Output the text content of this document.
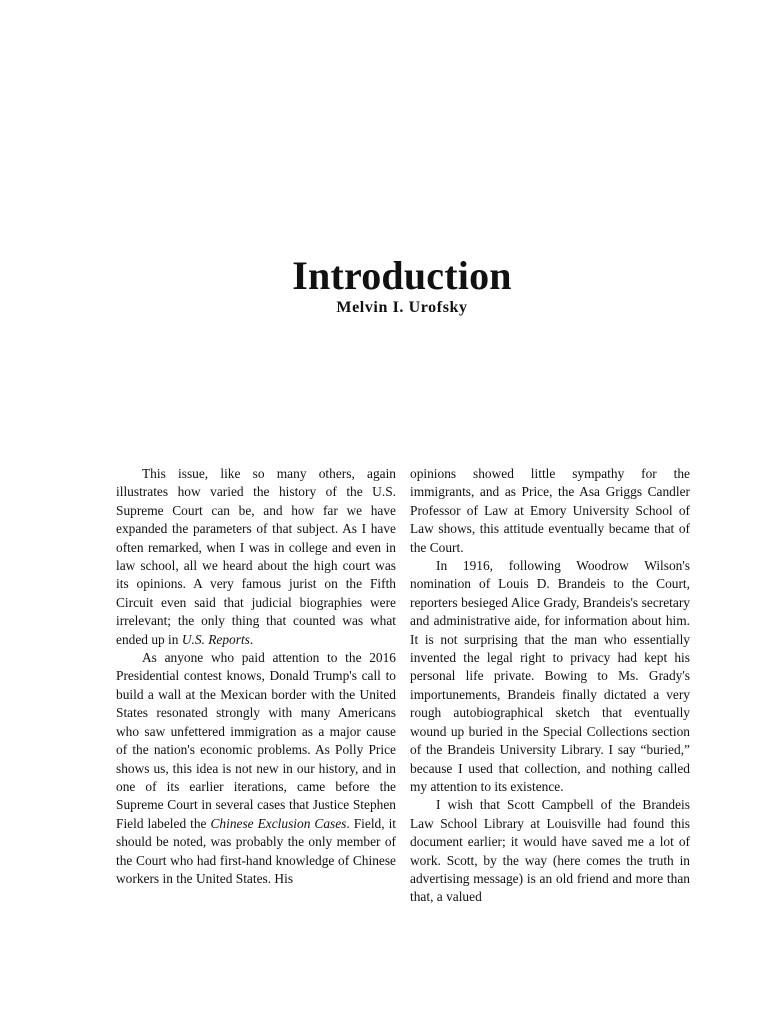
Introduction
Melvin I. Urofsky

This issue, like so many others, again illustrates how varied the history of the U.S. Supreme Court can be, and how far we have expanded the parameters of that subject. As I have often remarked, when I was in college and even in law school, all we heard about the high court was its opinions. A very famous jurist on the Fifth Circuit even said that judicial biographies were irrelevant; the only thing that counted was what ended up in U.S. Reports.

As anyone who paid attention to the 2016 Presidential contest knows, Donald Trump's call to build a wall at the Mexican border with the United States resonated strongly with many Americans who saw unfettered immigration as a major cause of the nation's economic problems. As Polly Price shows us, this idea is not new in our history, and in one of its earlier iterations, came before the Supreme Court in several cases that Justice Stephen Field labeled the Chinese Exclusion Cases. Field, it should be noted, was probably the only member of the Court who had first-hand knowledge of Chinese workers in the United States. His

opinions showed little sympathy for the immigrants, and as Price, the Asa Griggs Candler Professor of Law at Emory University School of Law shows, this attitude eventually became that of the Court.

In 1916, following Woodrow Wilson's nomination of Louis D. Brandeis to the Court, reporters besieged Alice Grady, Brandeis's secretary and administrative aide, for information about him. It is not surprising that the man who essentially invented the legal right to privacy had kept his personal life private. Bowing to Ms. Grady's importunements, Brandeis finally dictated a very rough autobiographical sketch that eventually wound up buried in the Special Collections section of the Brandeis University Library. I say “buried,” because I used that collection, and nothing called my attention to its existence.

I wish that Scott Campbell of the Brandeis Law School Library at Louisville had found this document earlier; it would have saved me a lot of work. Scott, by the way (here comes the truth in advertising message) is an old friend and more than that, a valued
